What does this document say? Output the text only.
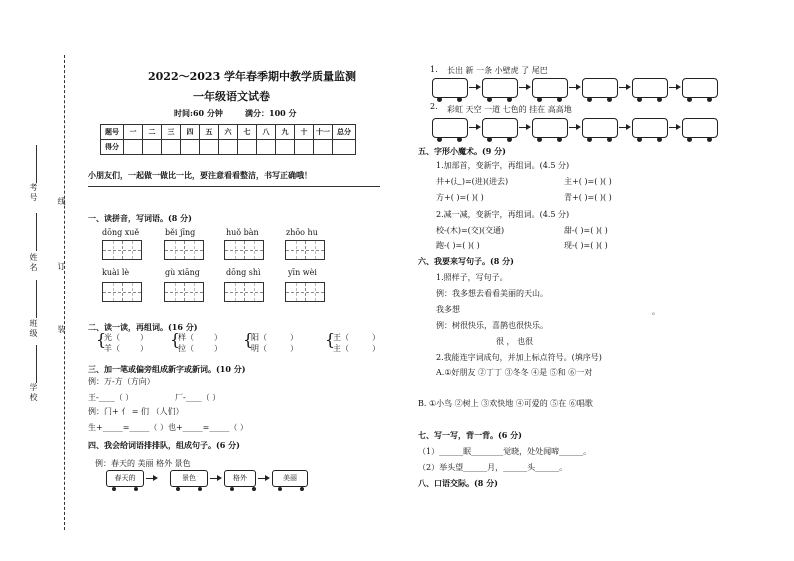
考号
姓名
班级
学校
线
订
装
2022～2023 学年春季期中教学质量监测
一年级语文试卷
时间:60 分钟	满分：100 分
题号	一	二	三	四	五	六	七	八	九	十	十一	总分
得分												
小朋友们，一起做一做比一比，要注意看看整洁，书写正确哦！
一、读拼音，写词语。(8 分)
dōng xuě	běi jīng	huǒ bàn	zhōo hu
kuài lè	gù xiāng	dōng shì	yīn wèi
二、读一读，再组词。(16 分)
{
光（	）
羊（	） {
样（	）
拉（	） {
阳（	）
明（	） {
王（	）
主（	）
三、加一笔或偏旁组成新字或新词。(10 分)
例：万-方（方向）
王-____（ ）	厂-____（ ）
例：门+ 亻 = 们 （人们）
生+_____=_____（ ）也+_____=_____（ ）
四、我会给词语排排队，组成句子。(6 分)
例：春天的 美丽 格外 景色
春天的	景色	格外	美丽
1. 长出 新 一条 小壁虎 了 尾巴
2. 彩虹 天空 一道 七色的 挂在 高高地
五、字形小魔术。(9 分)
1.加部首，变新字，再组词。(4.5 分)
井+(辶)=(进)(进去)	主+( )=( )( )
方+( )=( )( )	青+( )=( )( )
2.减一减，变新字，再组词。(4.5 分)
校-(木)=(交)(交通)	甜-( )=( )( )
跑-( )=( )( )	现-( )=( )( )
六、我要来写句子。(8 分)
1.照样子，写句子。
例：我多想去看看美丽的天山。
我多想	。
例：树很快乐，喜鹊也很快乐。
很 ， 也很
2.我能连字词成句，并加上标点符号。(填序号)
A.①好朋友 ②丁丁 ③冬冬 ④是 ⑤和 ⑥一对
B. ①小鸟 ②树上 ③欢快地 ④可爱的 ⑤在 ⑥唱歌
七、写一写，背一背。(6 分)
（1）______眠________觉晓，处处闻啼______。
（2）举头望______月，______头______。
八、口语交际。(8 分)
